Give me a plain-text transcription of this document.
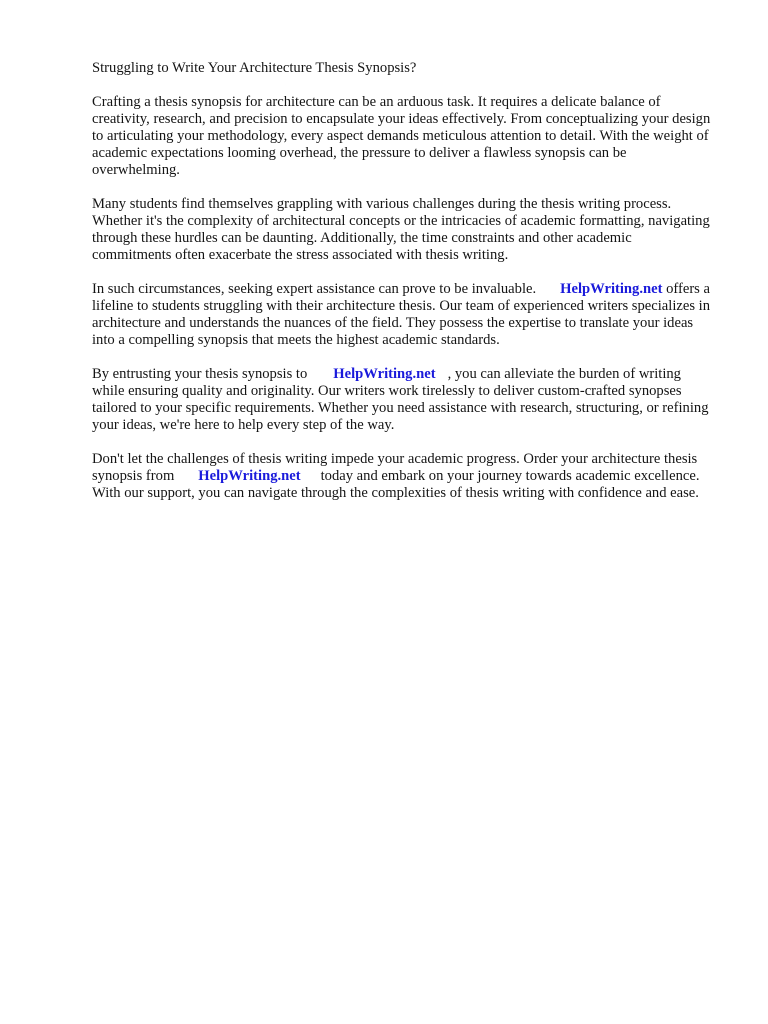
Struggling to Write Your Architecture Thesis Synopsis?

Crafting a thesis synopsis for architecture can be an arduous task. It requires a delicate balance of creativity, research, and precision to encapsulate your ideas effectively. From conceptualizing your design to articulating your methodology, every aspect demands meticulous attention to detail. With the weight of academic expectations looming overhead, the pressure to deliver a flawless synopsis can be overwhelming.

Many students find themselves grappling with various challenges during the thesis writing process. Whether it's the complexity of architectural concepts or the intricacies of academic formatting, navigating through these hurdles can be daunting. Additionally, the time constraints and other academic commitments often exacerbate the stress associated with thesis writing.

In such circumstances, seeking expert assistance can prove to be invaluable. HelpWriting.net offers a lifeline to students struggling with their architecture thesis. Our team of experienced writers specializes in architecture and understands the nuances of the field. They possess the expertise to translate your ideas into a compelling synopsis that meets the highest academic standards.

By entrusting your thesis synopsis to HelpWriting.net , you can alleviate the burden of writing while ensuring quality and originality. Our writers work tirelessly to deliver custom-crafted synopses tailored to your specific requirements. Whether you need assistance with research, structuring, or refining your ideas, we're here to help every step of the way.

Don't let the challenges of thesis writing impede your academic progress. Order your architecture thesis synopsis from HelpWriting.net today and embark on your journey towards academic excellence. With our support, you can navigate through the complexities of thesis writing with confidence and ease.
